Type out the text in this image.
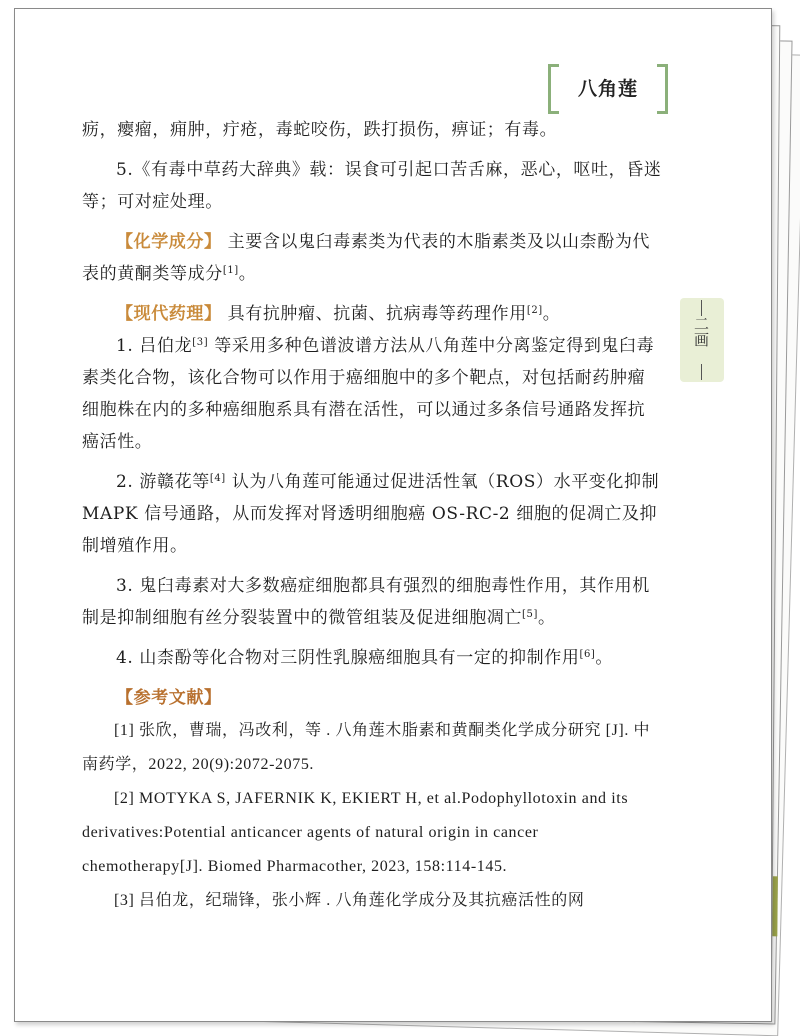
八角莲
二画

疬，瘿瘤，痈肿，疔疮，毒蛇咬伤，跌打损伤，痹证；有毒。

5.《有毒中草药大辞典》载：误食可引起口苦舌麻，恶心，呕吐，昏迷等；可对症处理。

【化学成分】 主要含以鬼臼毒素类为代表的木脂素类及以山柰酚为代表的黄酮类等成分[1]。

【现代药理】 具有抗肿瘤、抗菌、抗病毒等药理作用[2]。

1. 吕伯龙[3] 等采用多种色谱波谱方法从八角莲中分离鉴定得到鬼臼毒素类化合物，该化合物可以作用于癌细胞中的多个靶点，对包括耐药肿瘤细胞株在内的多种癌细胞系具有潜在活性，可以通过多条信号通路发挥抗癌活性。

2. 游赣花等[4] 认为八角莲可能通过促进活性氧（ROS）水平变化抑制 MAPK 信号通路，从而发挥对肾透明细胞癌 OS-RC-2 细胞的促凋亡及抑制增殖作用。

3. 鬼臼毒素对大多数癌症细胞都具有强烈的细胞毒性作用，其作用机制是抑制细胞有丝分裂装置中的微管组装及促进细胞凋亡[5]。

4. 山柰酚等化合物对三阴性乳腺癌细胞具有一定的抑制作用[6]。

【参考文献】

[1] 张欣，曹瑞，冯改利，等 . 八角莲木脂素和黄酮类化学成分研究 [J]. 中南药学，2022, 20(9):2072-2075.

[2] MOTYKA S, JAFERNIK K, EKIERT H, et al.Podophyllotoxin and its derivatives:Potential anticancer agents of natural origin in cancer chemotherapy[J]. Biomed Pharmacother, 2023, 158:114-145.

[3] 吕伯龙，纪瑞锋，张小辉 . 八角莲化学成分及其抗癌活性的网
